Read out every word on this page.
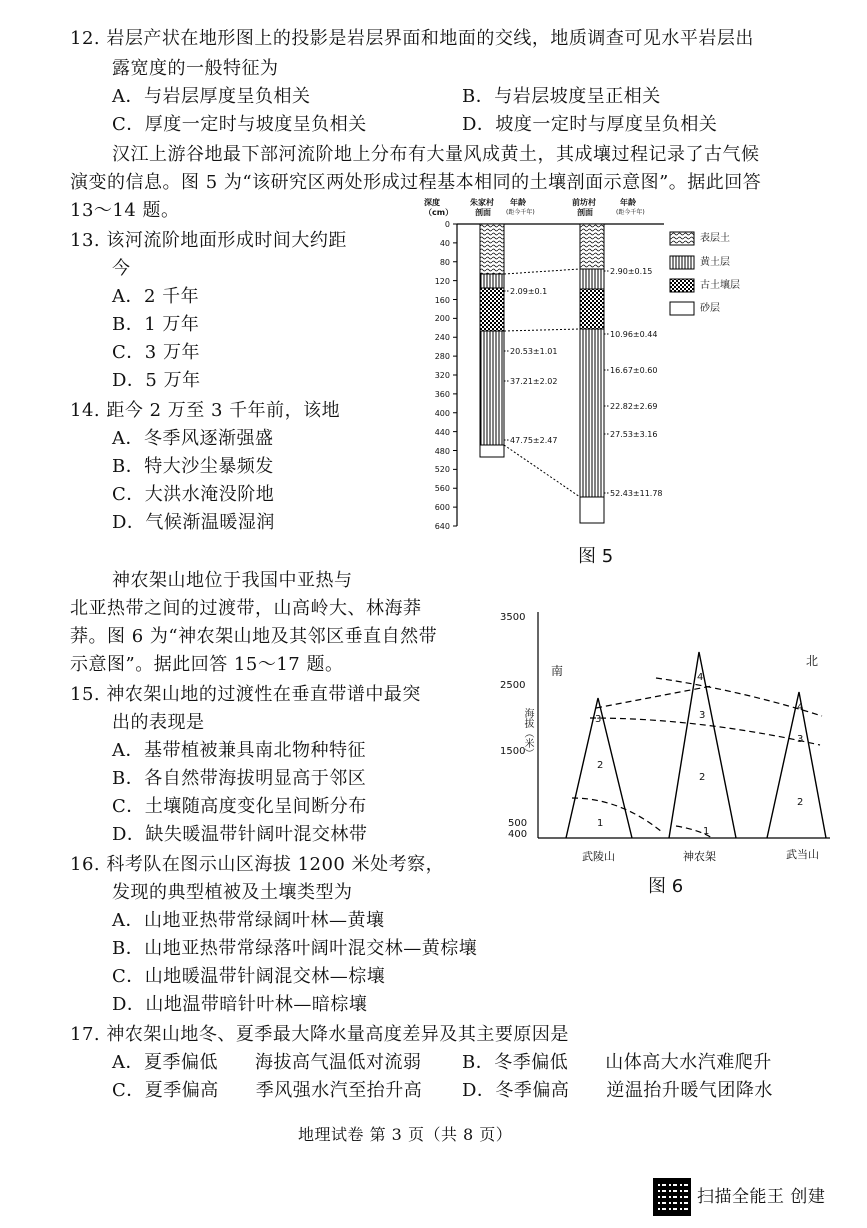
12. 岩层产状在地形图上的投影是岩层界面和地面的交线，地质调查可见水平岩层出
露宽度的一般特征为
A．与岩层厚度呈负相关	B．与岩层坡度呈正相关
C．厚度一定时与坡度呈负相关	D．坡度一定时与厚度呈负相关
汉江上游谷地最下部河流阶地上分布有大量风成黄土，其成壤过程记录了古气候
演变的信息。图 5 为“该研究区两处形成过程基本相同的土壤剖面示意图”。据此回答
13～14 题。
13. 该河流阶地面形成时间大约距
今
A．2 千年
B．1 万年
C．3 万年
D．5 万年
14. 距今 2 万至 3 千年前，该地
A．冬季风逐渐强盛
B．特大沙尘暴频发
C．大洪水淹没阶地
D．气候渐温暖湿润
深度
（cm）
朱家村
剖面
年龄
(距今千年)
前坊村
剖面
年龄
(距今千年)
0
40
80
120
160
200
240
280
320
360
400
440
480
520
560
600
640
2.09±0.1
20.53±1.01
37.21±2.02
47.75±2.47
2.90±0.15
10.96±0.44
16.67±0.60
22.82±2.69
27.53±3.16
52.43±11.78
表层土
黄土层
古土壤层
砂层
图 5
神农架山地位于我国中亚热与
北亚热带之间的过渡带，山高岭大、林海莽
莽。图 6 为“神农架山地及其邻区垂直自然带
示意图”。据此回答 15～17 题。
15. 神农架山地的过渡性在垂直带谱中最突
出的表现是
A．基带植被兼具南北物种特征
B．各自然带海拔明显高于邻区
C．土壤随高度变化呈间断分布
D．缺失暖温带针阔叶混交林带
3500
2500
1500
500
400
海拔（米）
南
北
3
2
1
4
3
2
1
4
3
2
武陵山	神农架	武当山
图 6
16. 科考队在图示山区海拔 1200 米处考察，
发现的典型植被及土壤类型为
A．山地亚热带常绿阔叶林—黄壤
B．山地亚热带常绿落叶阔叶混交林—黄棕壤
C．山地暖温带针阔混交林—棕壤
D．山地温带暗针叶林—暗棕壤
17. 神农架山地冬、夏季最大降水量高度差异及其主要原因是
A．夏季偏低　　海拔高气温低对流弱 B．冬季偏低　　山体高大水汽难爬升
C．夏季偏高　　季风强水汽至抬升高 D．冬季偏高　　逆温抬升暖气团降水
地理试卷 第 3 页（共 8 页）
扫描全能王 创建
